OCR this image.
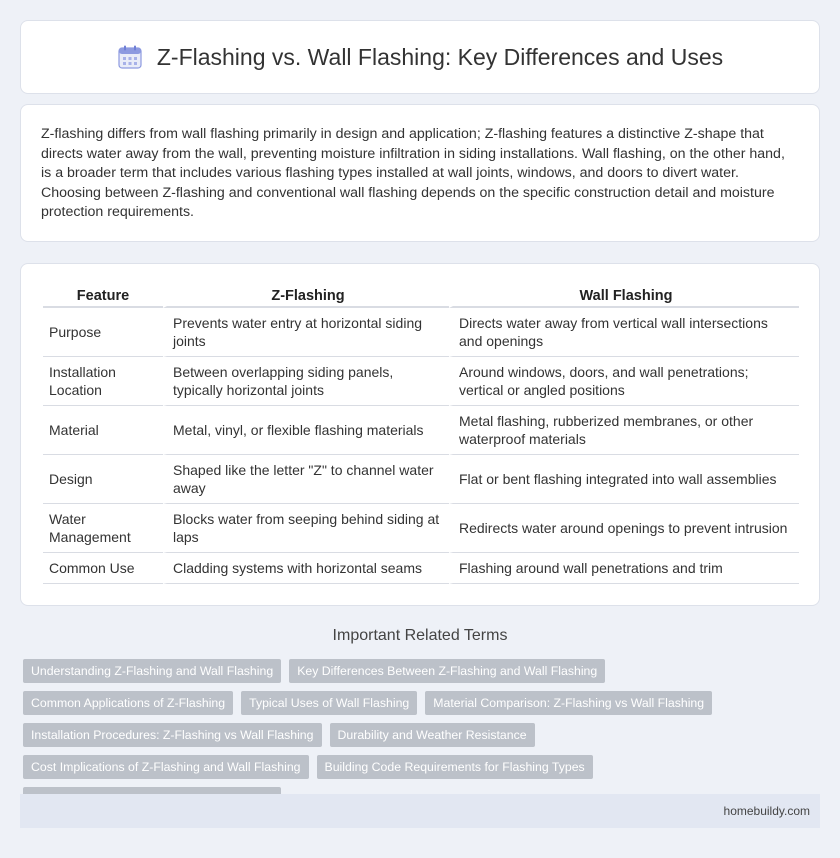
Z-Flashing vs. Wall Flashing: Key Differences and Uses

Z-flashing differs from wall flashing primarily in design and application; Z-flashing features a distinctive Z-shape that directs water away from the wall, preventing moisture infiltration in siding installations. Wall flashing, on the other hand, is a broader term that includes various flashing types installed at wall joints, windows, and doors to divert water. Choosing between Z-flashing and conventional wall flashing depends on the specific construction detail and moisture protection requirements.

Feature	Z-Flashing	Wall Flashing
Purpose	Prevents water entry at horizontal siding joints	Directs water away from vertical wall intersections and openings
Installation Location	Between overlapping siding panels, typically horizontal joints	Around windows, doors, and wall penetrations; vertical or angled positions
Material	Metal, vinyl, or flexible flashing materials	Metal flashing, rubberized membranes, or other waterproof materials
Design	Shaped like the letter "Z" to channel water away	Flat or bent flashing integrated into wall assemblies
Water Management	Blocks water from seeping behind siding at laps	Redirects water around openings to prevent intrusion
Common Use	Cladding systems with horizontal seams	Flashing around wall penetrations and trim
Important Related Terms
Understanding Z-Flashing and Wall Flashing	Key Differences Between Z-Flashing and Wall Flashing
Common Applications of Z-Flashing	Typical Uses of Wall Flashing	Material Comparison: Z-Flashing vs Wall Flashing
Installation Procedures: Z-Flashing vs Wall Flashing	Durability and Weather Resistance
Cost Implications of Z-Flashing and Wall Flashing	Building Code Requirements for Flashing Types
homebuildy.com
